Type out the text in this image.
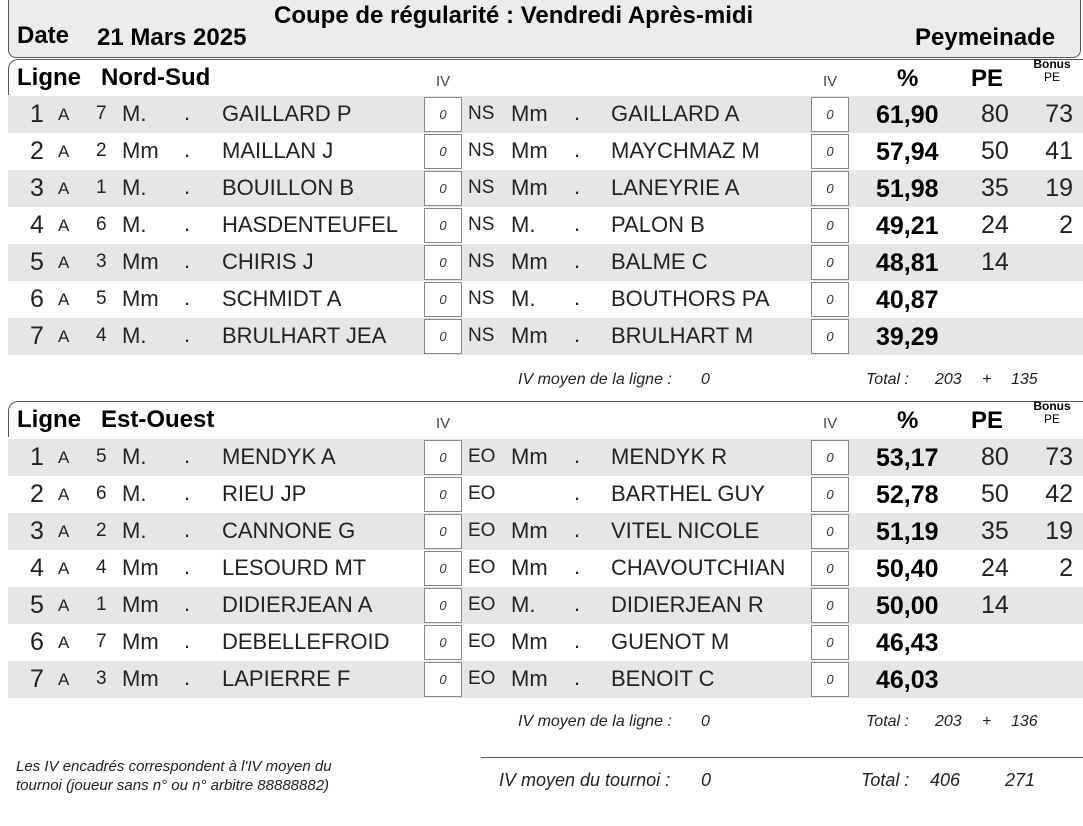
Date 21 Mars 2025
Coupe de régularité : Vendredi Après-midi
Peymeinade
Ligne Nord-Sud	IV	IV % PE
Bonus
PE
Ligne Est-Ouest	IV	IV % PE
Bonus
PE
1 A 7 M. . GAILLARD P	0	NS Mm . GAILLARD A	0	61,90 80 73
2 A 2 Mm . MAILLAN J	0	NS Mm . MAYCHMAZ M	0	57,94 50 41
3 A 1 M. . BOUILLON B	0	NS Mm . LANEYRIE A	0	51,98 35 19
4 A 6 M. . HASDENTEUFEL	0	NS M. . PALON B	0	49,21 24 2
5 A 3 Mm . CHIRIS J	0	NS Mm . BALME C	0	48,81 14
6 A 5 Mm . SCHMIDT A	0	NS M. . BOUTHORS PA	0	40,87
7 A 4 M. . BRULHART JEA	0	NS Mm . BRULHART M	0	39,29
1 A 5 M. . MENDYK A	0	EO Mm . MENDYK R	0	53,17 80 73
2 A 6 M. . RIEU JP	0	EO	. BARTHEL GUY	0	52,78 50 42
3 A 2 M. . CANNONE G	0	EO Mm . VITEL NICOLE	0	51,19 35 19
4 A 4 Mm . LESOURD MT	0	EO Mm . CHAVOUTCHIAN	0	50,40 24 2
5 A 1 Mm . DIDIERJEAN A	0	EO M. . DIDIERJEAN R	0	50,00 14
6 A 7 Mm . DEBELLEFROID	0	EO Mm . GUENOT M	0	46,43
7 A 3 Mm . LAPIERRE F	0	EO Mm . BENOIT C	0	46,03
IV moyen de la ligne : 0	Total : 203 + 135
IV moyen de la ligne : 0	Total : 203 + 136
Les IV encadrés correspondent à l'IV moyen du
tournoi (joueur sans n° ou n° arbitre 88888882)	IV moyen du tournoi : 0	Total : 406 271
